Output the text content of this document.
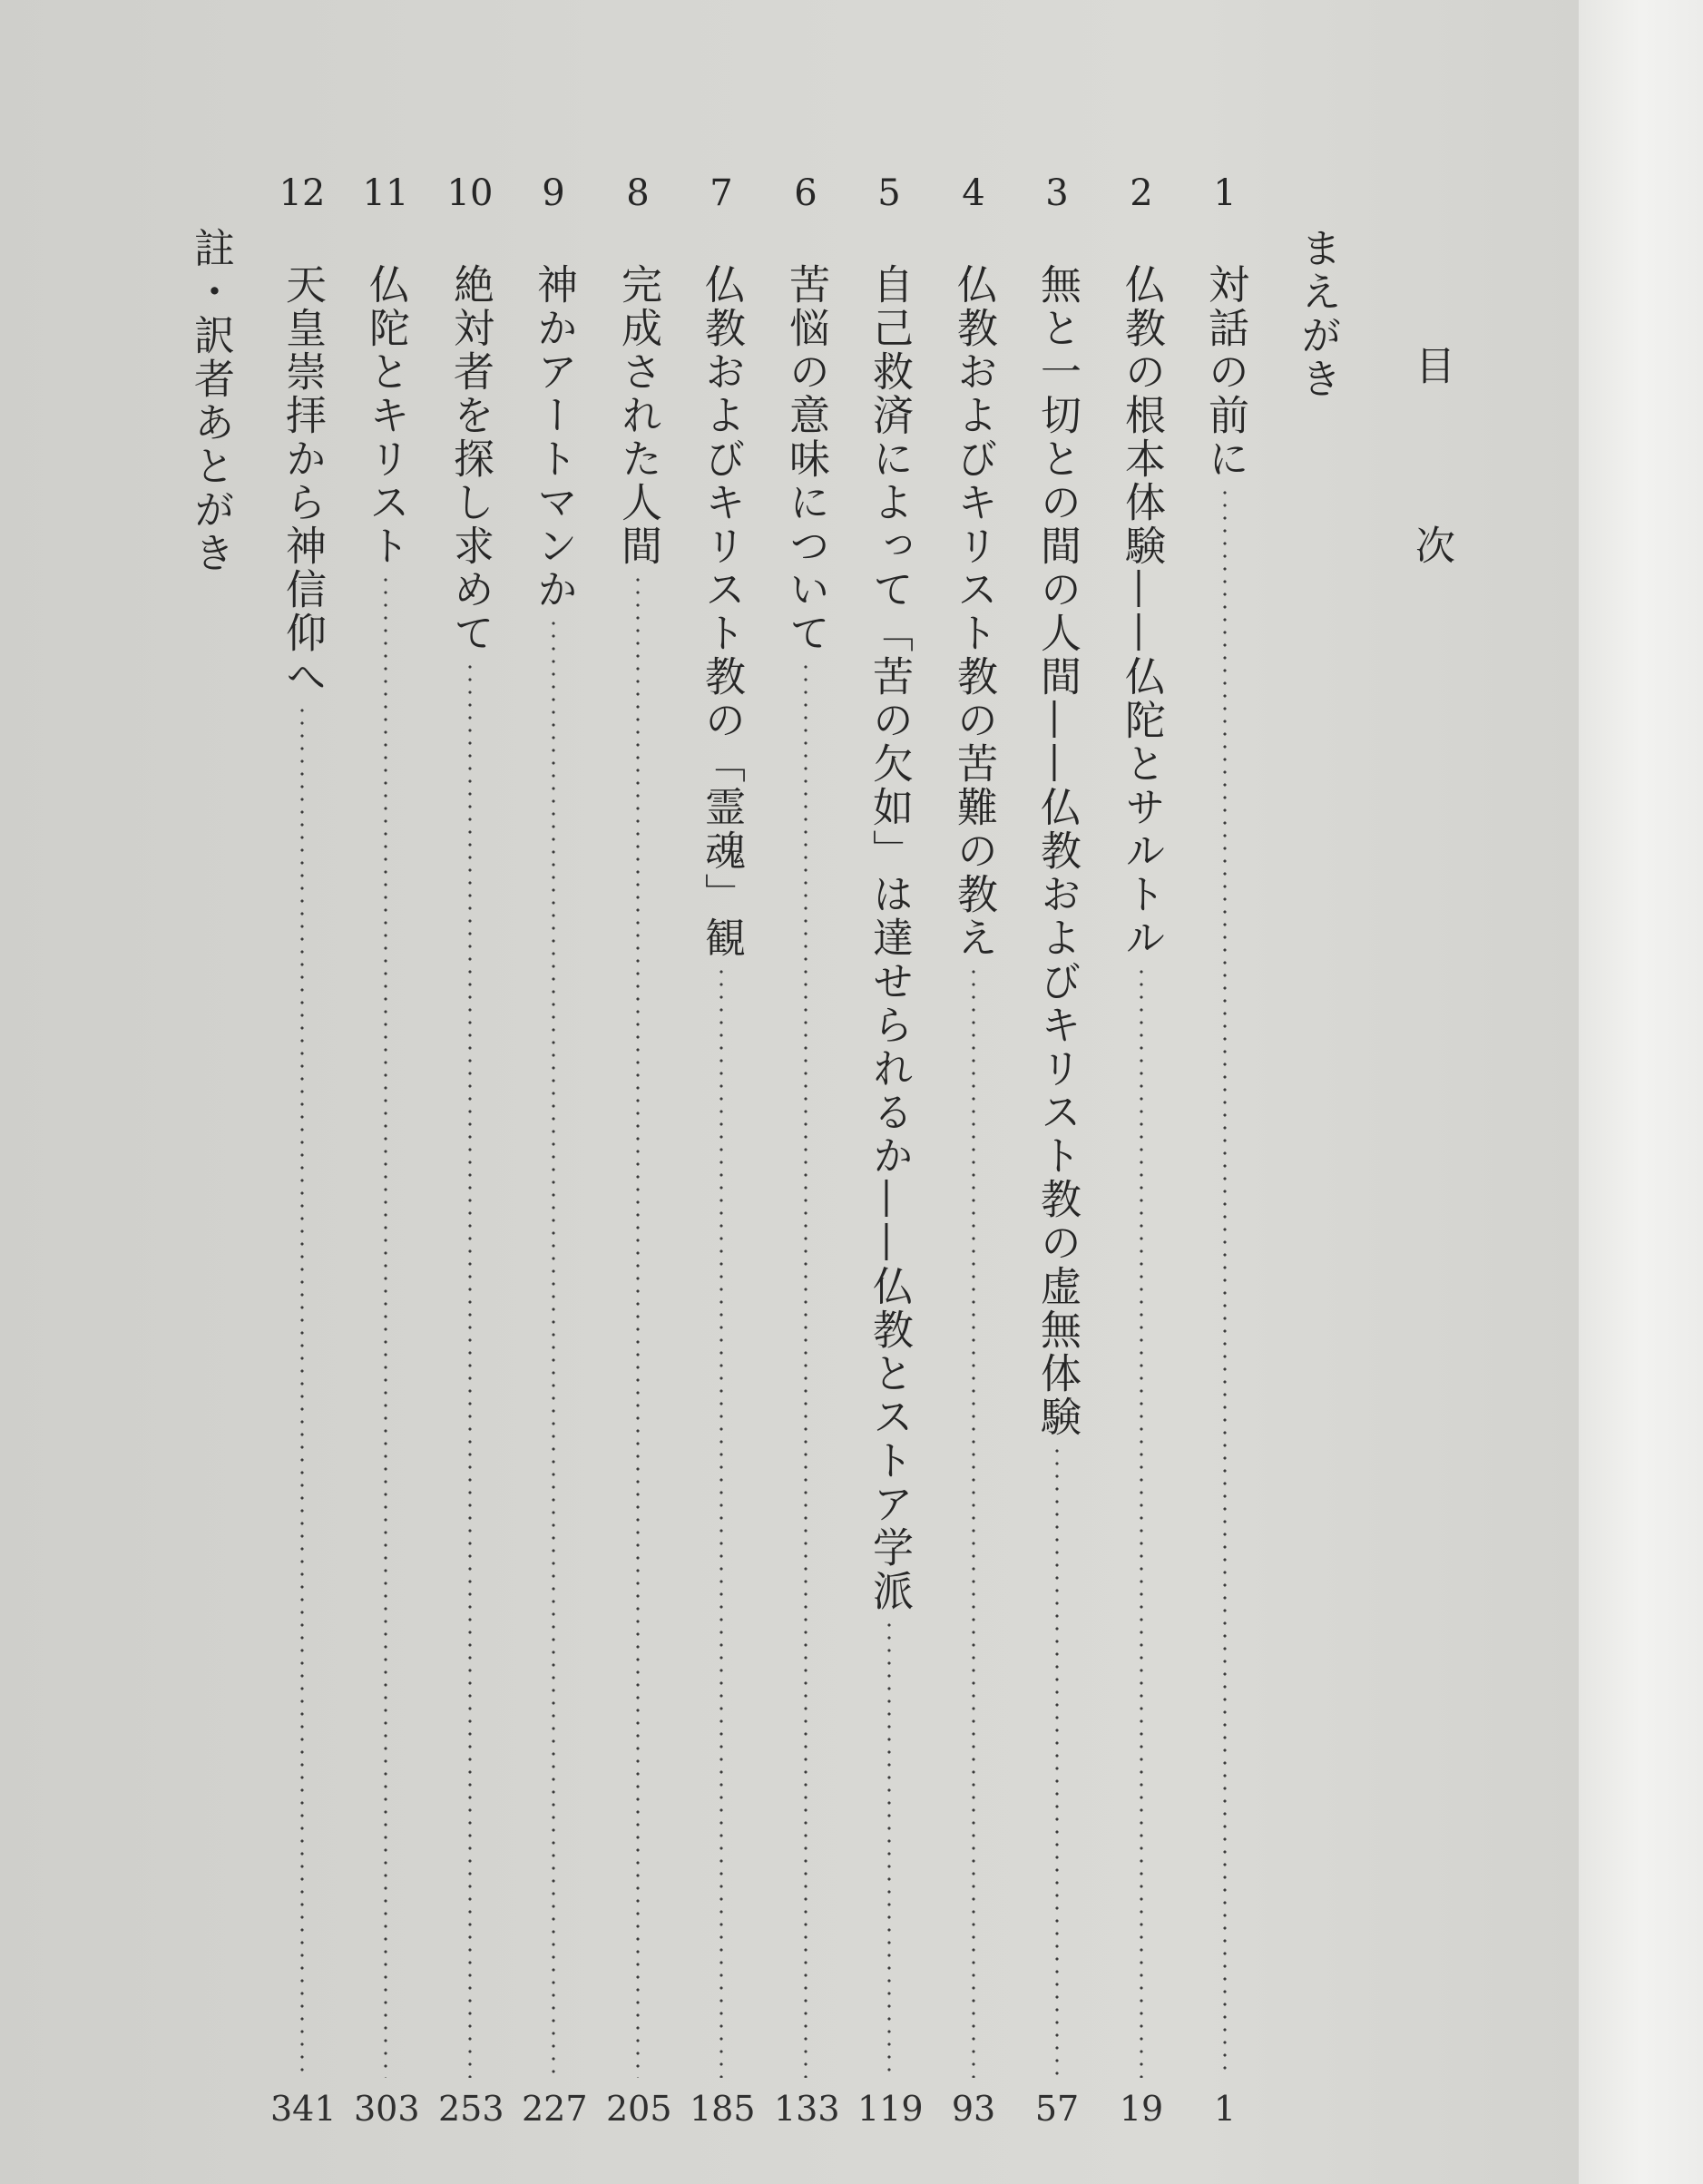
目　次
まえがき
1
対話の前に
1
2
仏教の根本体験——仏陀とサルトル
19
3
無と一切との間の人間——仏教およびキリスト教の虚無体験
57
4
仏教およびキリスト教の苦難の教え
93
5
自己救済によって「苦の欠如」は達せられるか——仏教とストア学派
119
6
苦悩の意味について
133
7
仏教およびキリスト教の「霊魂」観
185
8
完成された人間
205
9
神かアートマンか
227
10
絶対者を探し求めて
253
11
仏陀とキリスト
303
12
天皇崇拝から神信仰へ
341
註・訳者あとがき
